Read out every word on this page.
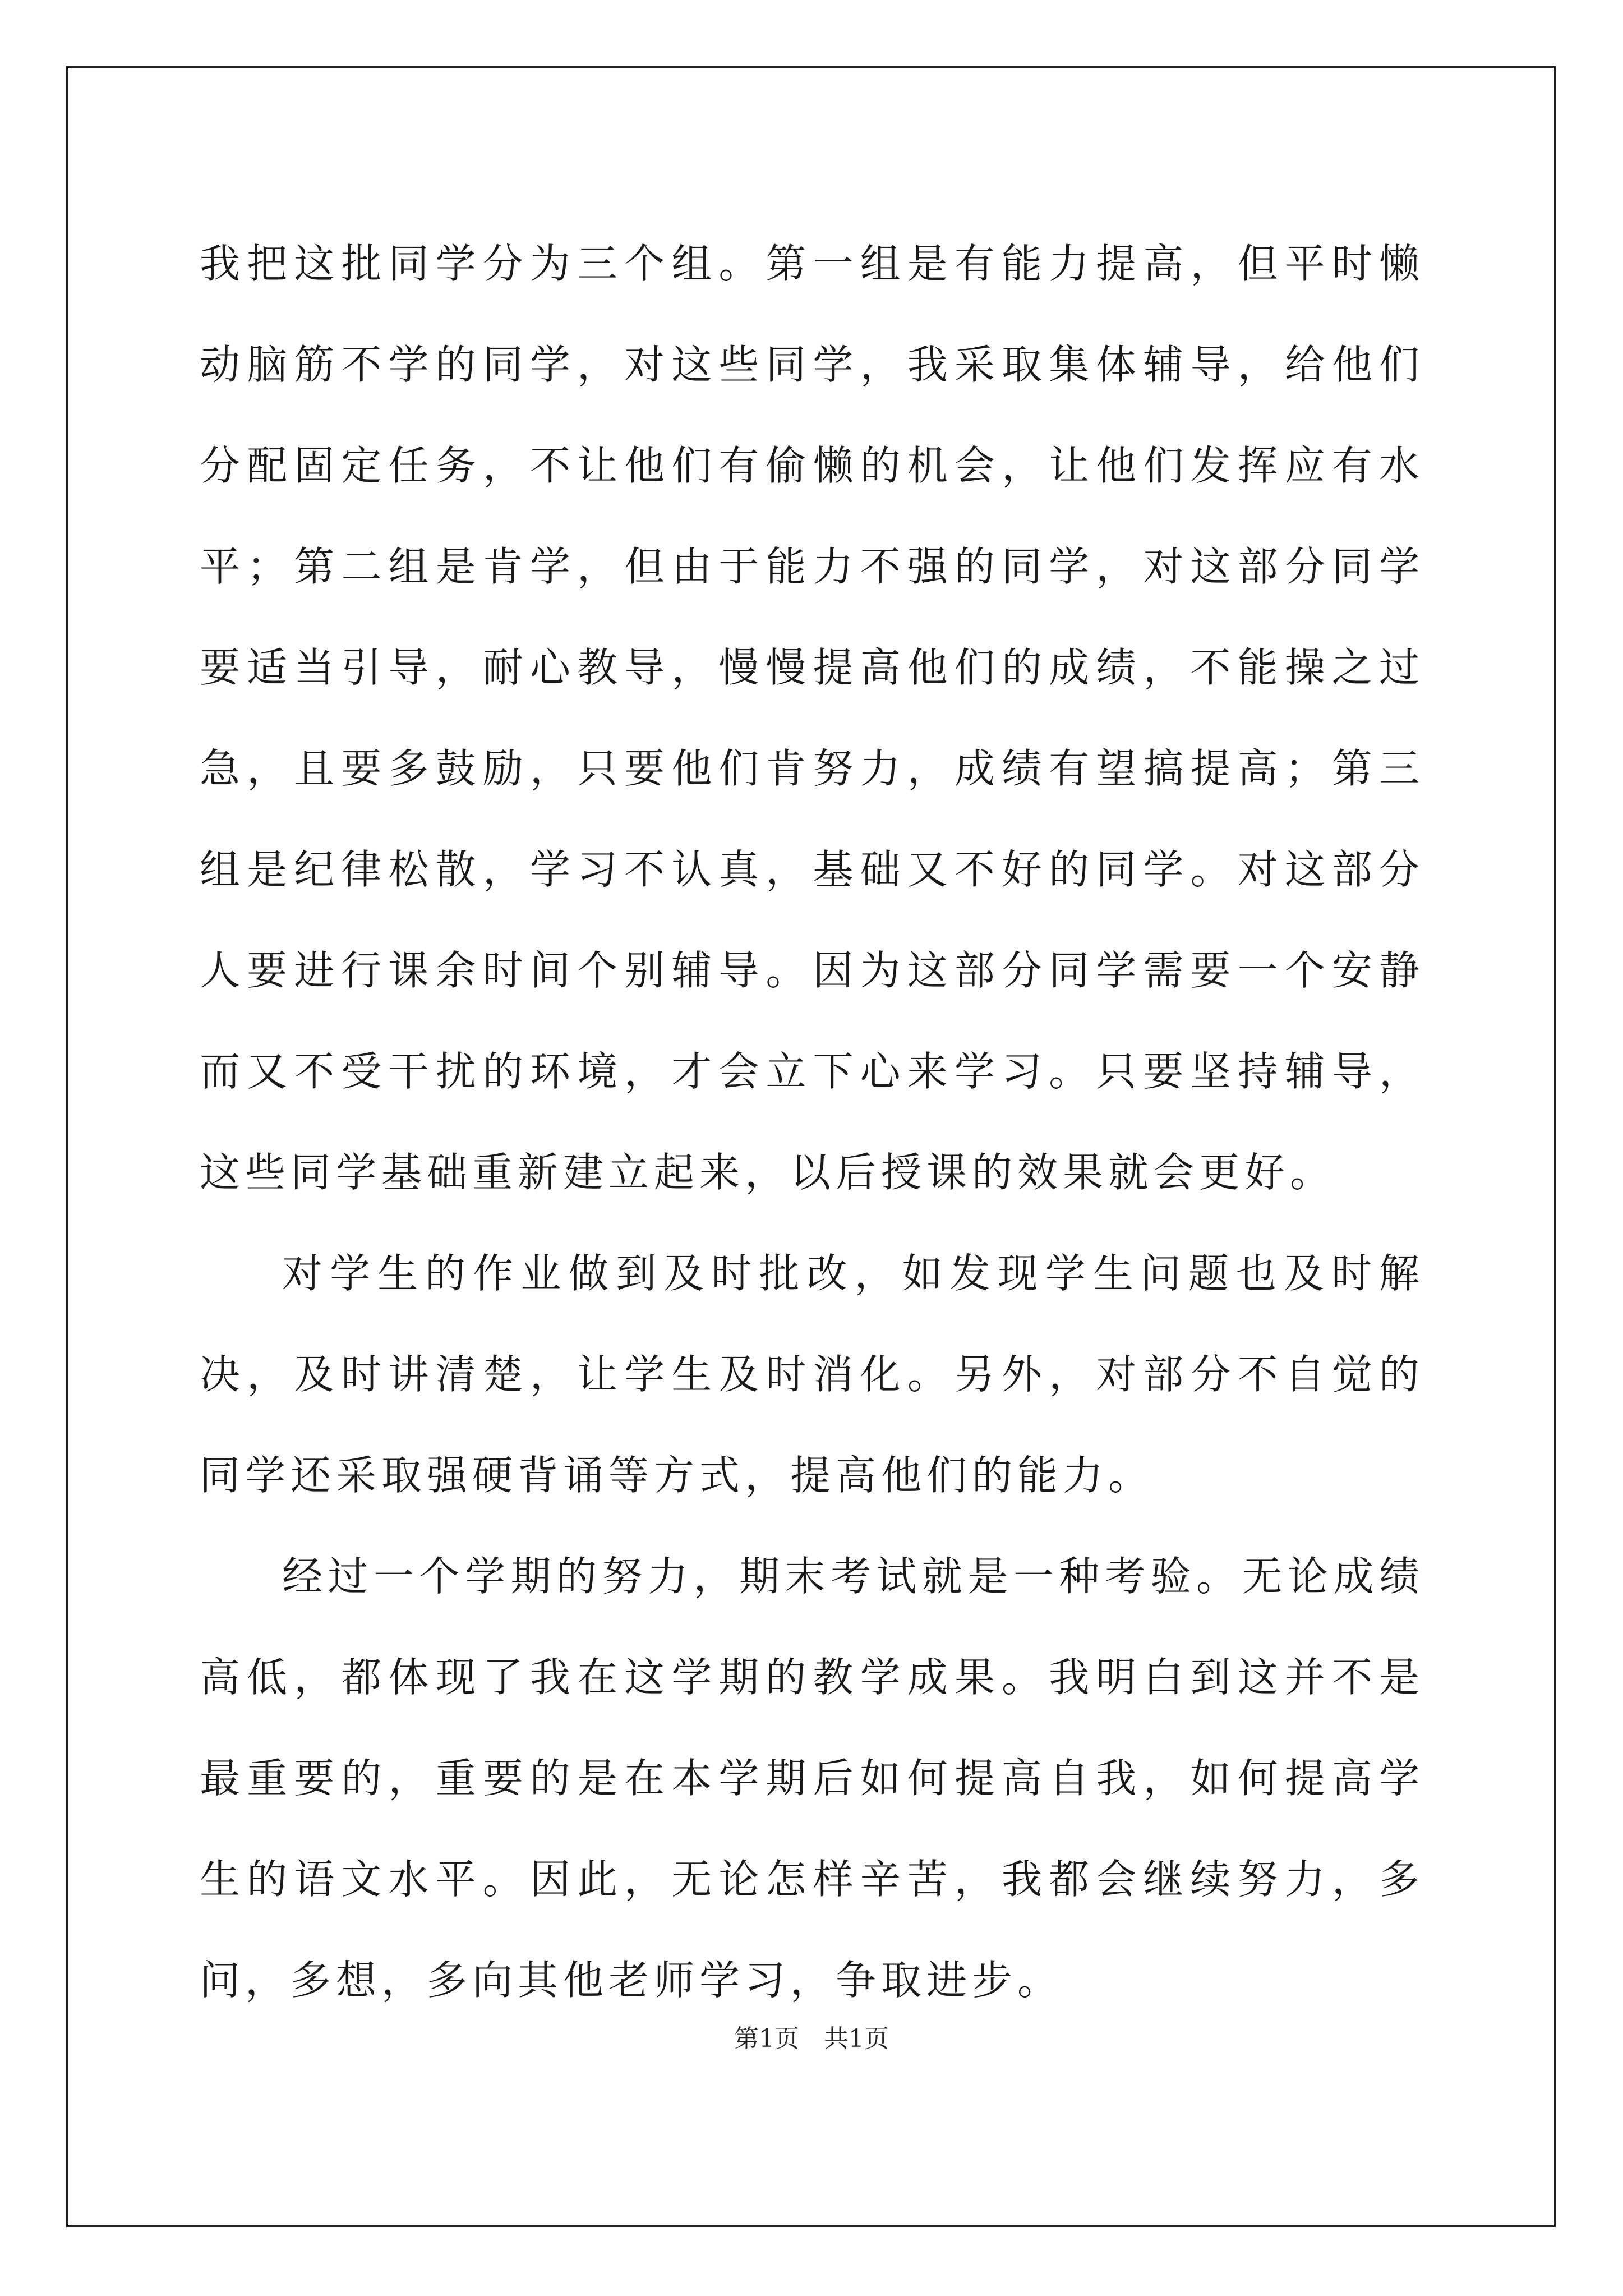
我把这批同学分为三个组。第一组是有能力提高，但平时懒动脑筋不学的同学，对这些同学，我采取集体辅导，给他们分配固定任务，不让他们有偷懒的机会，让他们发挥应有水平；第二组是肯学，但由于能力不强的同学，对这部分同学要适当引导，耐心教导，慢慢提高他们的成绩，不能操之过急，且要多鼓励，只要他们肯努力，成绩有望搞提高；第三组是纪律松散，学习不认真，基础又不好的同学。对这部分人要进行课余时间个别辅导。因为这部分同学需要一个安静而又不受干扰的环境，才会立下心来学习。只要坚持辅导，这些同学基础重新建立起来，以后授课的效果就会更好。

对学生的作业做到及时批改，如发现学生问题也及时解决，及时讲清楚，让学生及时消化。另外，对部分不自觉的同学还采取强硬背诵等方式，提高他们的能力。

经过一个学期的努力，期末考试就是一种考验。无论成绩高低，都体现了我在这学期的教学成果。我明白到这并不是最重要的，重要的是在本学期后如何提高自我，如何提高学生的语文水平。因此，无论怎样辛苦，我都会继续努力，多问，多想，多向其他老师学习，争取进步。

第1页　共1页
